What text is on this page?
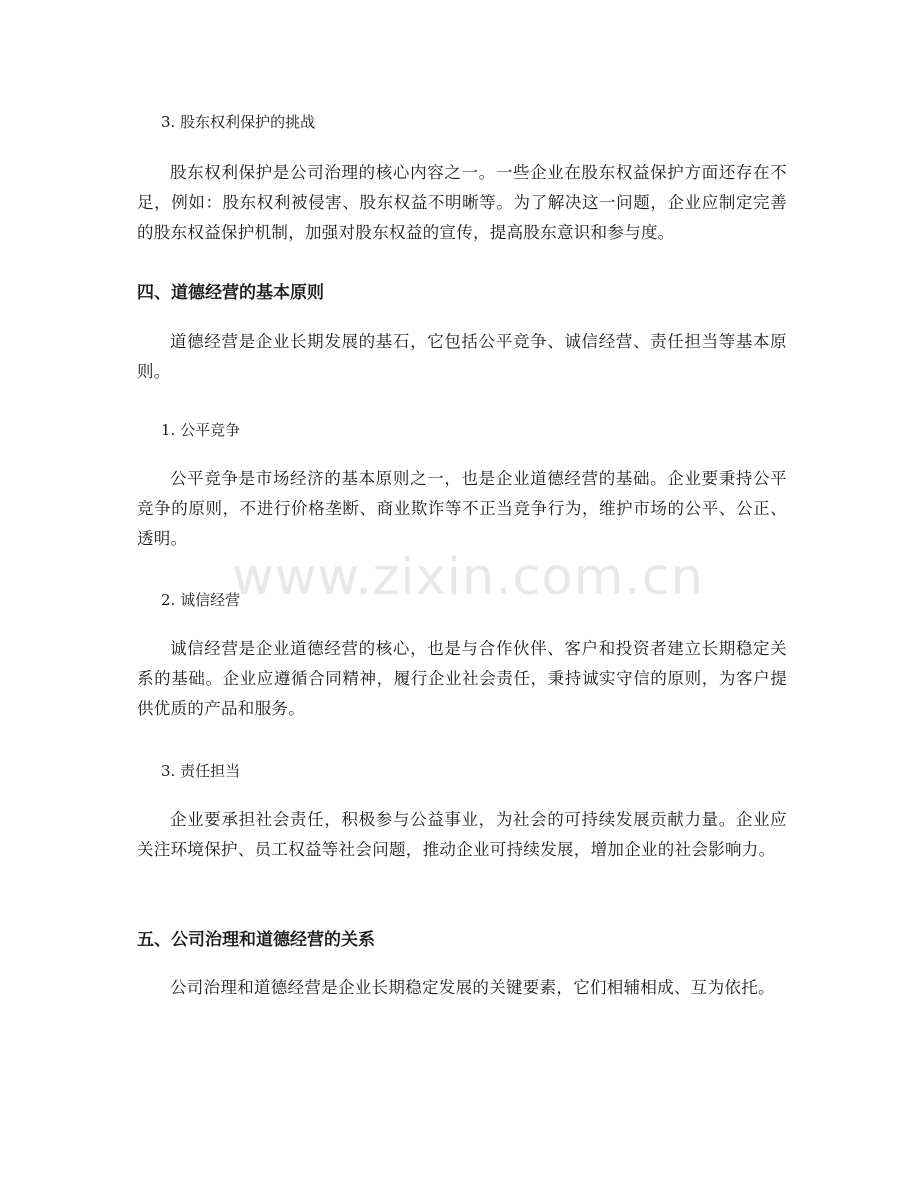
3. 股东权利保护的挑战

股东权利保护是公司治理的核心内容之一。一些企业在股东权益保护方面还存在不足，例如：股东权利被侵害、股东权益不明晰等。为了解决这一问题，企业应制定完善的股东权益保护机制，加强对股东权益的宣传，提高股东意识和参与度。

四、道德经营的基本原则

道德经营是企业长期发展的基石，它包括公平竞争、诚信经营、责任担当等基本原则。

1. 公平竞争

公平竞争是市场经济的基本原则之一，也是企业道德经营的基础。企业要秉持公平竞争的原则，不进行价格垄断、商业欺诈等不正当竞争行为，维护市场的公平、公正、透明。

2. 诚信经营

诚信经营是企业道德经营的核心，也是与合作伙伴、客户和投资者建立长期稳定关系的基础。企业应遵循合同精神，履行企业社会责任，秉持诚实守信的原则，为客户提供优质的产品和服务。

3. 责任担当

企业要承担社会责任，积极参与公益事业，为社会的可持续发展贡献力量。企业应关注环境保护、员工权益等社会问题，推动企业可持续发展，增加企业的社会影响力。

五、公司治理和道德经营的关系

公司治理和道德经营是企业长期稳定发展的关键要素，它们相辅相成、互为依托。

www.zixin.com.cn
